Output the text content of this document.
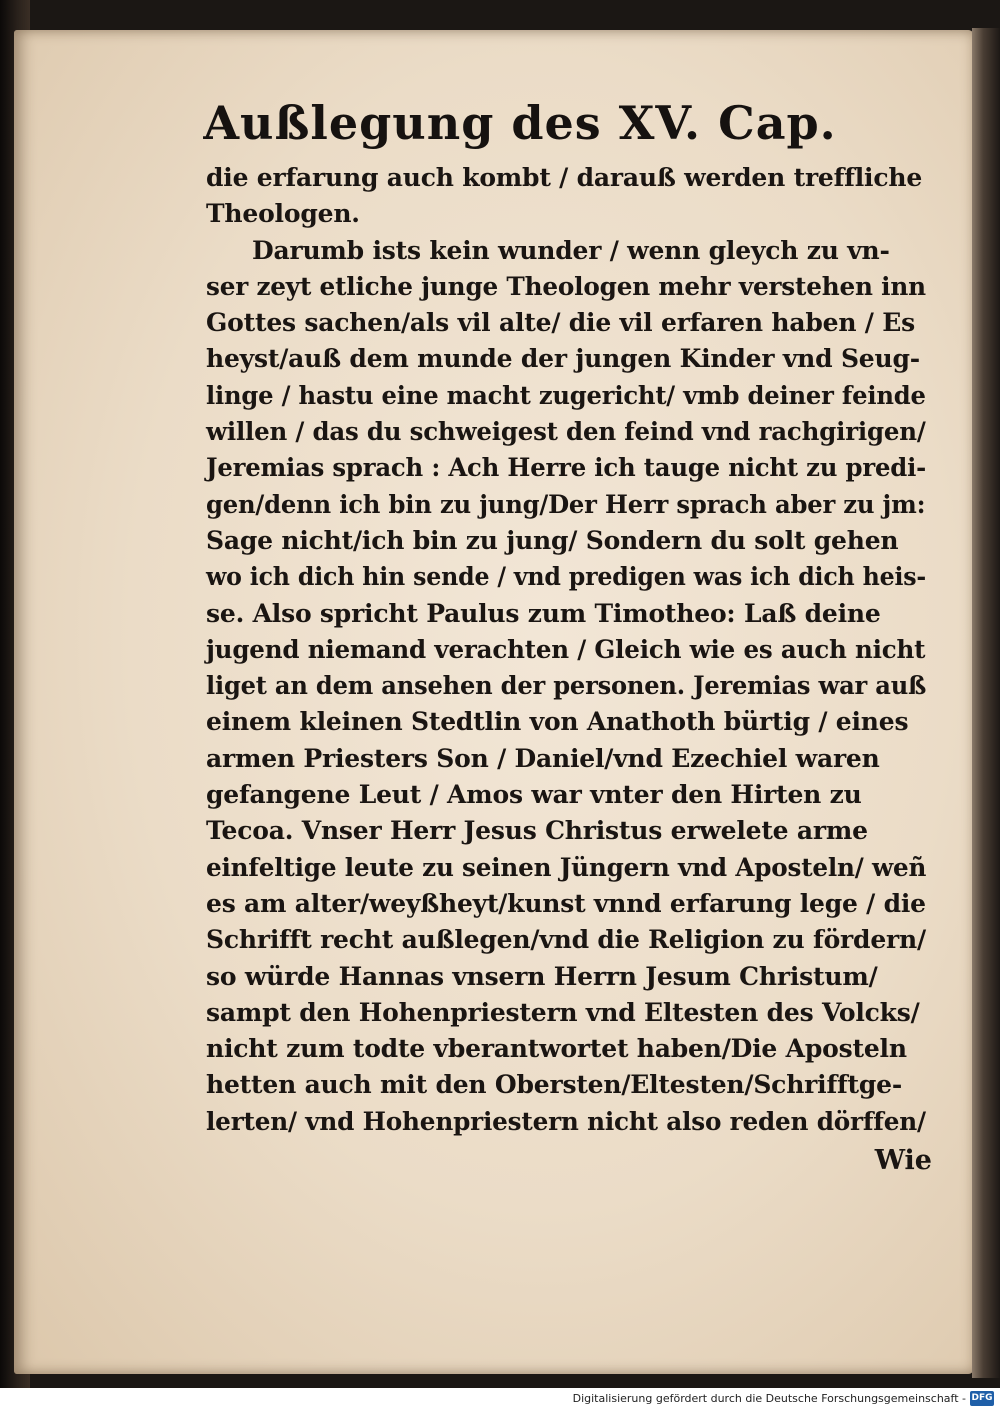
Außlegung des XV. Cap.
die erfarung auch kombt / darauß werden treffliche
Theologen.
Darumb ists kein wunder / wenn gleych zu vn-
ser zeyt etliche junge Theologen mehr verstehen inn
Gottes sachen/als vil alte/ die vil erfaren haben / Es
heyst/auß dem munde der jungen Kinder vnd Seug-
linge / hastu eine macht zugericht/ vmb deiner feinde
willen / das du schweigest den feind vnd rachgirigen/
Jeremias sprach : Ach Herre ich tauge nicht zu predi-
gen/denn ich bin zu jung/Der Herr sprach aber zu jm:
Sage nicht/ich bin zu jung/ Sondern du solt gehen
wo ich dich hin sende / vnd predigen was ich dich heis-
se. Also spricht Paulus zum Timotheo: Laß deine
jugend niemand verachten / Gleich wie es auch nicht
liget an dem ansehen der personen. Jeremias war auß
einem kleinen Stedtlin von Anathoth bürtig / eines
armen Priesters Son / Daniel/vnd Ezechiel waren
gefangene Leut / Amos war vnter den Hirten zu
Tecoa. Vnser Herr Jesus Christus erwelete arme
einfeltige leute zu seinen Jüngern vnd Aposteln/ weñ
es am alter/weyßheyt/kunst vnnd erfarung lege / die
Schrifft recht außlegen/vnd die Religion zu fördern/
so würde Hannas vnsern Herrn Jesum Christum/
sampt den Hohenpriestern vnd Eltesten des Volcks/
nicht zum todte vberantwortet haben/Die Aposteln
hetten auch mit den Obersten/Eltesten/Schrifftge-
lerten/ vnd Hohenpriestern nicht also reden dörffen/
Wie
Digitalisierung gefördert durch die Deutsche Forschungsgemeinschaft - DFG
